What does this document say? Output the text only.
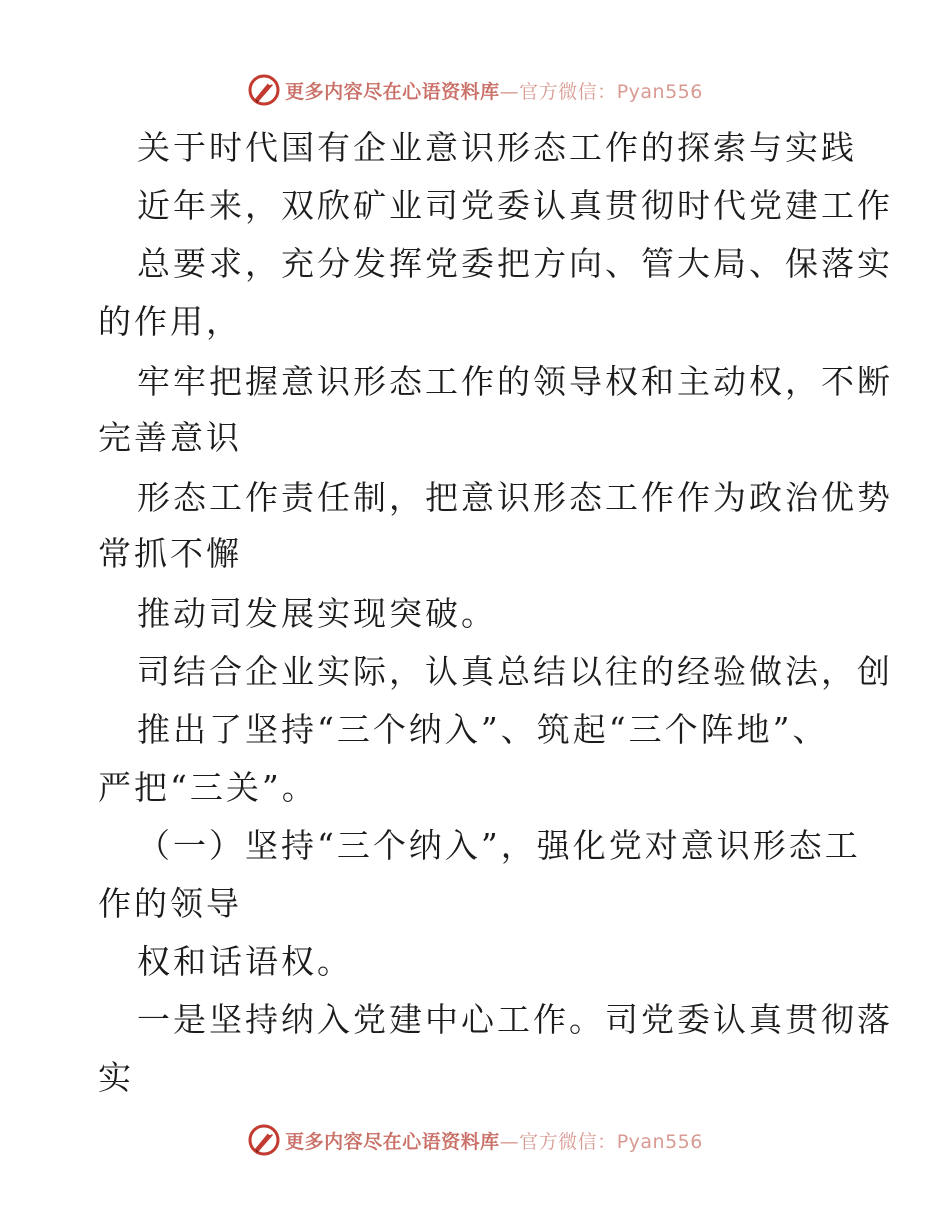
更多内容尽在心语资料库—官方微信：Pyan556
关于时代国有企业意识形态工作的探索与实践
近年来，双欣矿业司党委认真贯彻时代党建工作
总要求，充分发挥党委把方向、管大局、保落实
的作用，
牢牢把握意识形态工作的领导权和主动权，不断
完善意识
形态工作责任制，把意识形态工作作为政治优势
常抓不懈
推动司发展实现突破。
司结合企业实际，认真总结以往的经验做法，创
推出了坚持“三个纳入”、筑起“三个阵地”、
严把“三关”。
（一）坚持“三个纳入”，强化党对意识形态工
作的领导
权和话语权。
一是坚持纳入党建中心工作。司党委认真贯彻落
实
更多内容尽在心语资料库—官方微信：Pyan556
